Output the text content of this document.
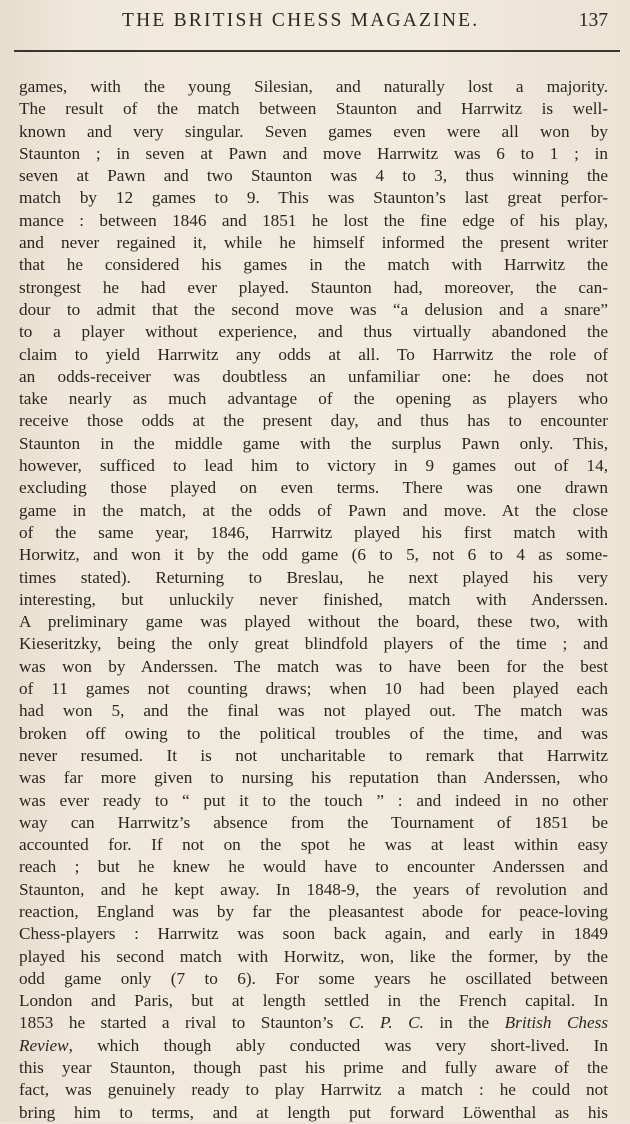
THE BRITISH CHESS MAGAZINE.	137
games, with the young Silesian, and naturally lost a majority.
The result of the match between Staunton and Harrwitz is well-
known and very singular. Seven games even were all won by
Staunton ; in seven at Pawn and move Harrwitz was 6 to 1 ; in
seven at Pawn and two Staunton was 4 to 3, thus winning the
match by 12 games to 9. This was Staunton’s last great perfor-
mance : between 1846 and 1851 he lost the fine edge of his play,
and never regained it, while he himself informed the present writer
that he considered his games in the match with Harrwitz the
strongest he had ever played. Staunton had, moreover, the can-
dour to admit that the second move was “a delusion and a snare”
to a player without experience, and thus virtually abandoned the
claim to yield Harrwitz any odds at all. To Harrwitz the role of
an odds-receiver was doubtless an unfamiliar one: he does not
take nearly as much advantage of the opening as players who
receive those odds at the present day, and thus has to encounter
Staunton in the middle game with the surplus Pawn only. This,
however, sufficed to lead him to victory in 9 games out of 14,
excluding those played on even terms. There was one drawn
game in the match, at the odds of Pawn and move. At the close
of the same year, 1846, Harrwitz played his first match with
Horwitz, and won it by the odd game (6 to 5, not 6 to 4 as some-
times stated). Returning to Breslau, he next played his very
interesting, but unluckily never finished, match with Anderssen.
A preliminary game was played without the board, these two, with
Kieseritzky, being the only great blindfold players of the time ; and
was won by Anderssen. The match was to have been for the best
of 11 games not counting draws; when 10 had been played each
had won 5, and the final was not played out. The match was
broken off owing to the political troubles of the time, and was
never resumed. It is not uncharitable to remark that Harrwitz
was far more given to nursing his reputation than Anderssen, who
was ever ready to “ put it to the touch ” : and indeed in no other
way can Harrwitz’s absence from the Tournament of 1851 be
accounted for. If not on the spot he was at least within easy
reach ; but he knew he would have to encounter Anderssen and
Staunton, and he kept away. In 1848-9, the years of revolution and
reaction, England was by far the pleasantest abode for peace-loving
Chess-players : Harrwitz was soon back again, and early in 1849
played his second match with Horwitz, won, like the former, by the
odd game only (7 to 6). For some years he oscillated between
London and Paris, but at length settled in the French capital. In
1853 he started a rival to Staunton’s C. P. C. in the British Chess
Review, which though ably conducted was very short-lived. In
this year Staunton, though past his prime and fully aware of the
fact, was genuinely ready to play Harrwitz a match : he could not
bring him to terms, and at length put forward Löwenthal as his
